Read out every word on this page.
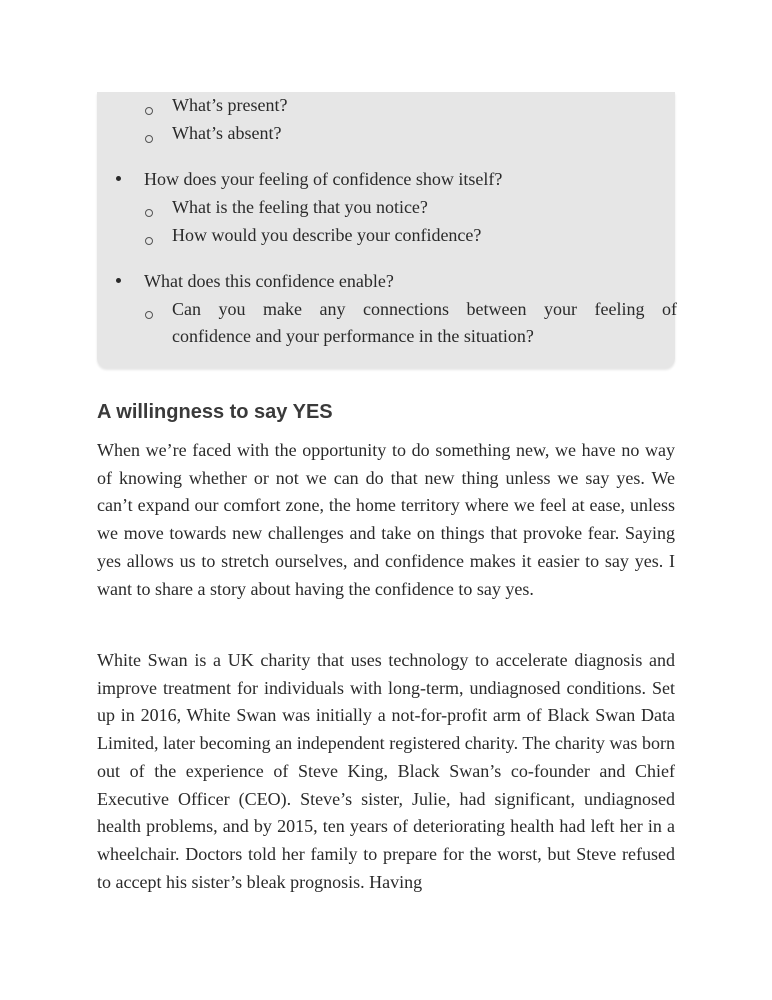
What’s present?
What’s absent?
How does your feeling of confidence show itself?
What is the feeling that you notice?
How would you describe your confidence?
What does this confidence enable?
Can you make any connections between your feeling of
confidence and your performance in the situation?
A willingness to say YES

When we’re faced with the opportunity to do something new, we have no way of knowing whether or not we can do that new thing unless we say yes. We can’t expand our comfort zone, the home territory where we feel at ease, unless we move towards new challenges and take on things that provoke fear. Saying yes allows us to stretch ourselves, and confidence makes it easier to say yes. I want to share a story about having the confidence to say yes.

White Swan is a UK charity that uses technology to accelerate diagnosis and improve treatment for individuals with long-term, undiagnosed conditions. Set up in 2016, White Swan was initially a not-for-profit arm of Black Swan Data Limited, later becoming an independent registered charity. The charity was born out of the experience of Steve King, Black Swan’s co-founder and Chief Executive Officer (CEO). Steve’s sister, Julie, had significant, undiagnosed health problems, and by 2015, ten years of deteriorating health had left her in a wheelchair. Doctors told her family to prepare for the worst, but Steve refused to accept his sister’s bleak prognosis. Having
